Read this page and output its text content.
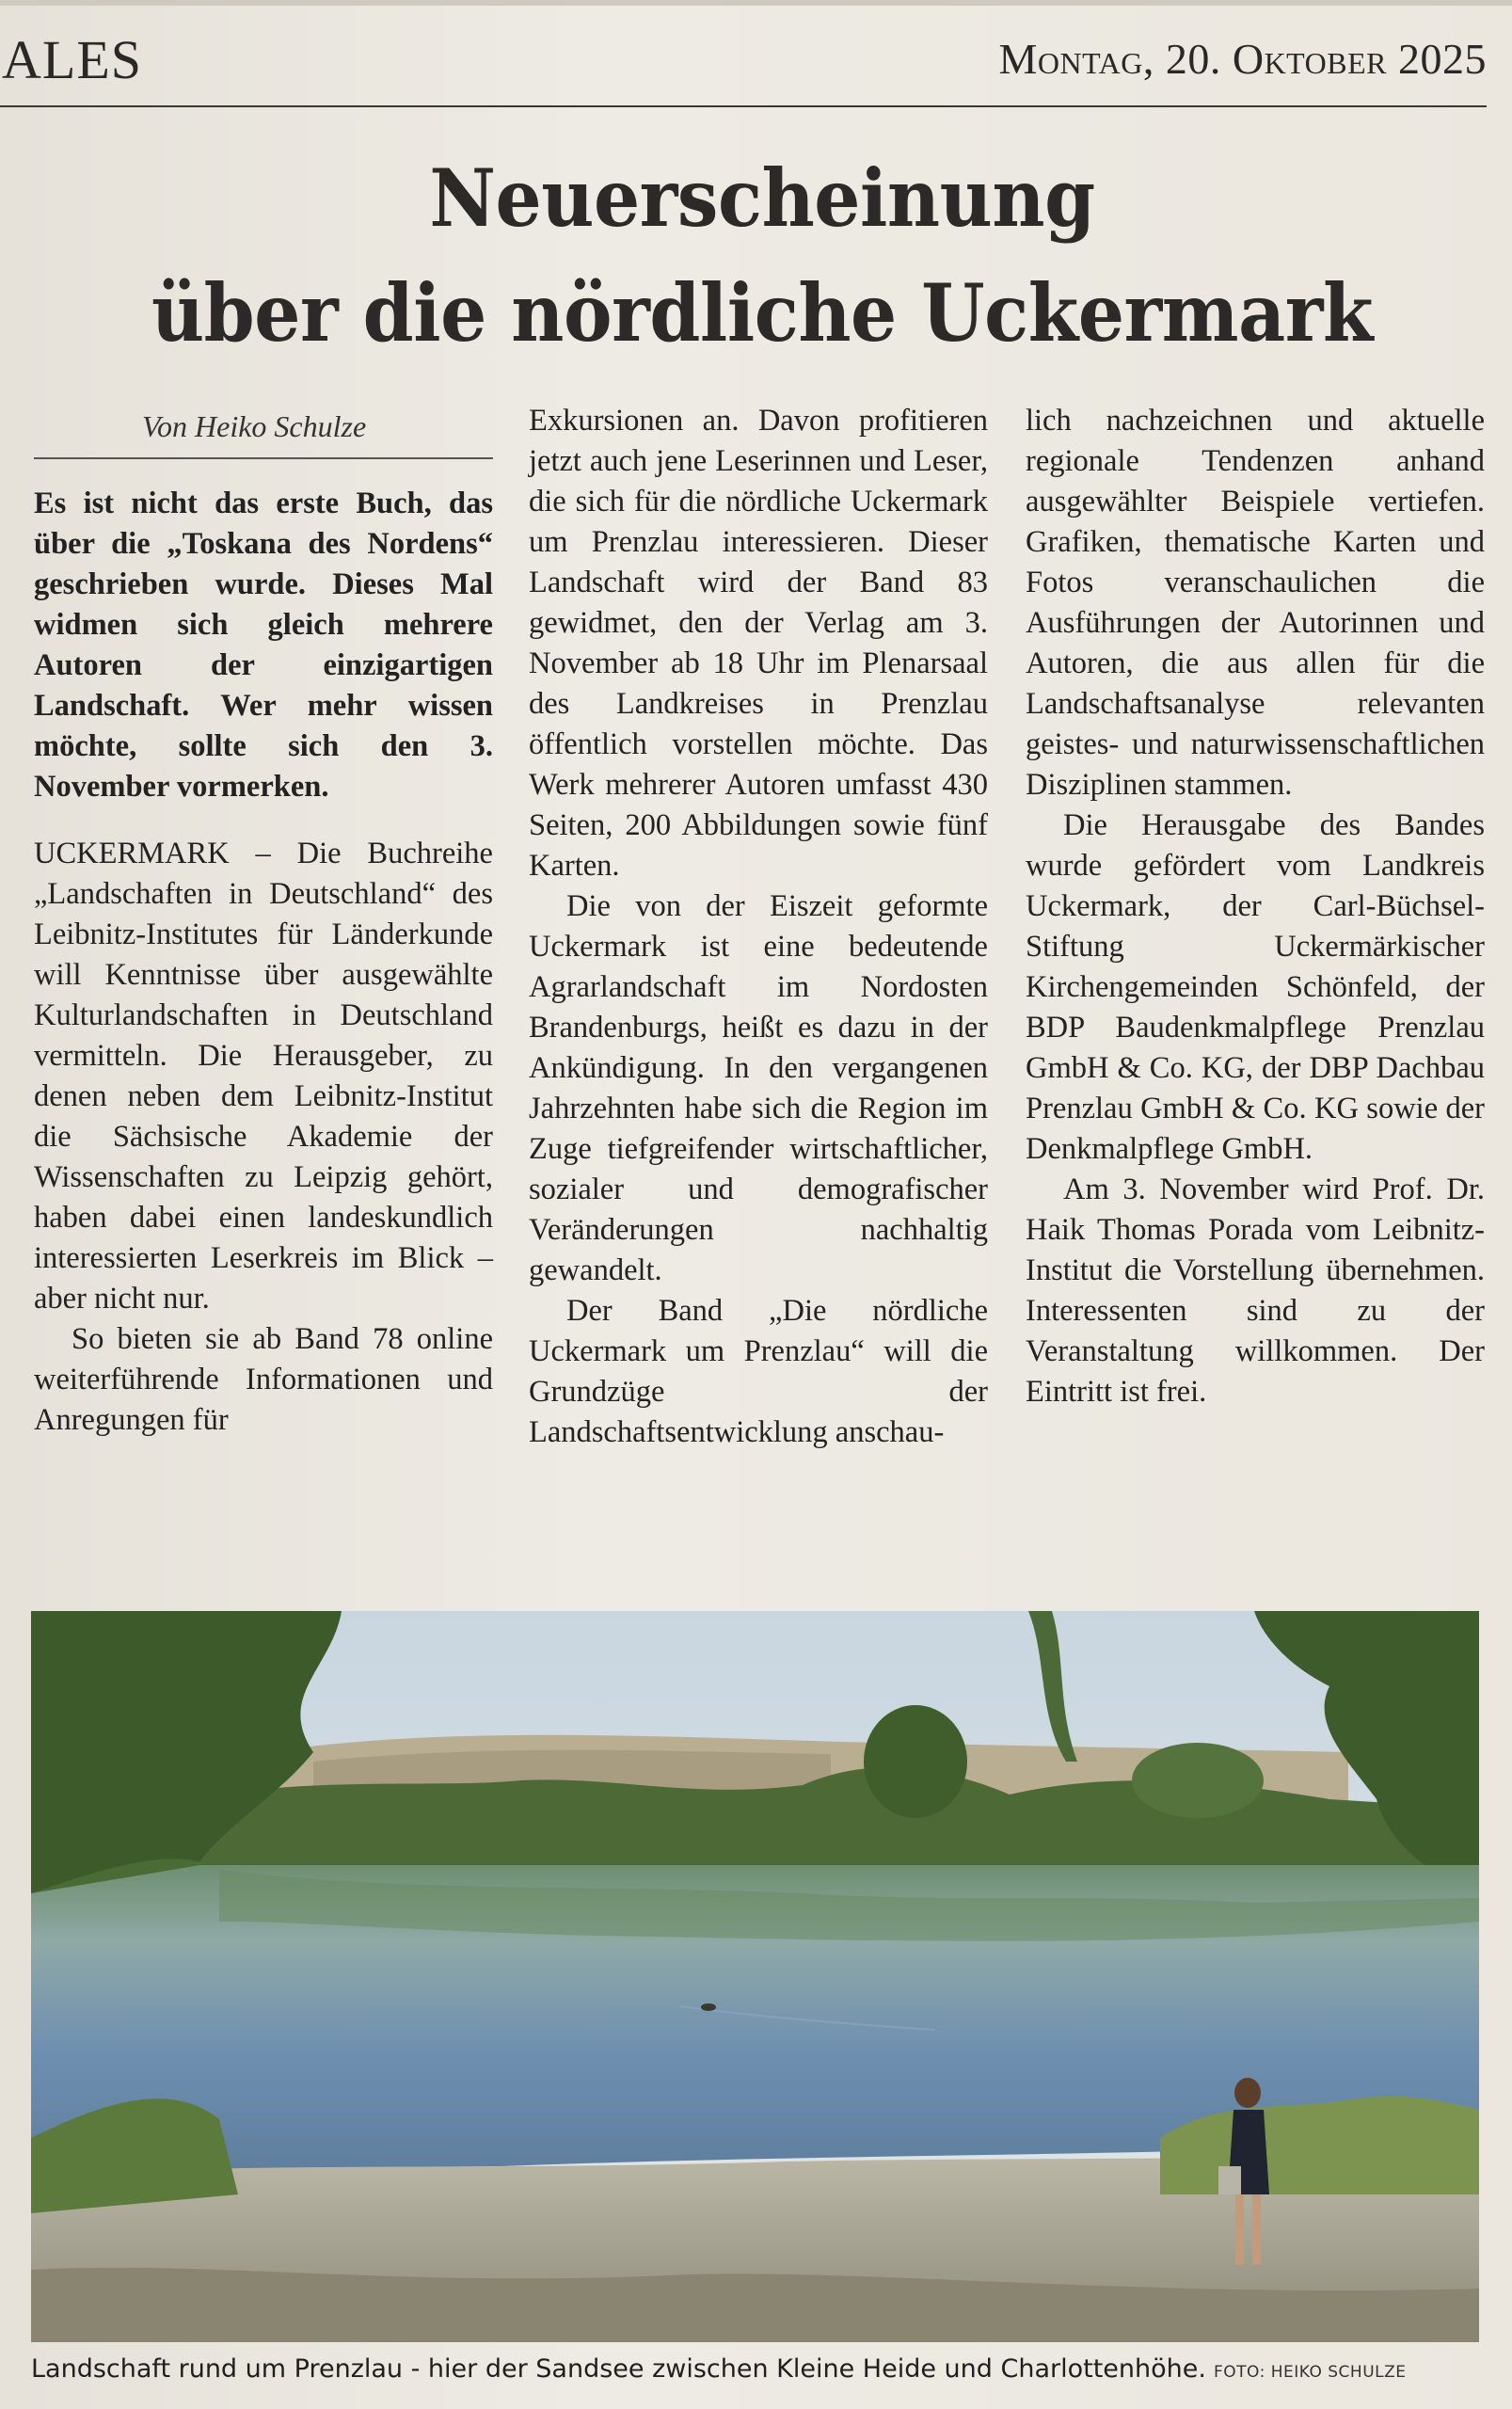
ALES	Montag, 20. Oktober 2025
Neuerscheinung
über die nördliche Uckermark
Von Heiko Schulze

Es ist nicht das erste Buch, das über die „Toskana des Nordens“ geschrieben wurde. Dieses Mal widmen sich gleich mehrere Autoren der einzigartigen Landschaft. Wer mehr wissen möchte, sollte sich den 3. November vormerken.

UCKERMARK – Die Buchreihe „Landschaften in Deutschland“ des Leibnitz-Institutes für Länderkunde will Kenntnisse über ausgewählte Kulturlandschaften in Deutschland vermitteln. Die Herausgeber, zu denen neben dem Leibnitz-Institut die Sächsische Akademie der Wissenschaften zu Leipzig gehört, haben dabei einen landeskundlich interessierten Leserkreis im Blick – aber nicht nur.

So bieten sie ab Band 78 online weiterführende Informationen und Anregungen für

Exkursionen an. Davon profitieren jetzt auch jene Leserinnen und Leser, die sich für die nördliche Uckermark um Prenzlau interessieren. Dieser Landschaft wird der Band 83 gewidmet, den der Verlag am 3. November ab 18 Uhr im Plenarsaal des Landkreises in Prenzlau öffentlich vorstellen möchte. Das Werk mehrerer Autoren umfasst 430 Seiten, 200 Abbildungen sowie fünf Karten.

Die von der Eiszeit geformte Uckermark ist eine bedeutende Agrarlandschaft im Nordosten Brandenburgs, heißt es dazu in der Ankündigung. In den vergangenen Jahrzehnten habe sich die Region im Zuge tiefgreifender wirtschaftlicher, sozialer und demografischer Veränderungen nachhaltig gewandelt.

Der Band „Die nördliche Uckermark um Prenzlau“ will die Grundzüge der Landschaftsentwicklung anschau-

lich nachzeichnen und aktuelle regionale Tendenzen anhand ausgewählter Beispiele vertiefen. Grafiken, thematische Karten und Fotos veranschaulichen die Ausführungen der Autorinnen und Autoren, die aus allen für die Landschaftsanalyse relevanten geistes- und naturwissenschaftlichen Disziplinen stammen.

Die Herausgabe des Bandes wurde gefördert vom Landkreis Uckermark, der Carl-Büchsel-Stiftung Uckermärkischer Kirchengemeinden Schönfeld, der BDP Baudenkmalpflege Prenzlau GmbH & Co. KG, der DBP Dachbau Prenzlau GmbH & Co. KG sowie der Denkmalpflege GmbH.

Am 3. November wird Prof. Dr. Haik Thomas Porada vom Leibnitz-Institut die Vorstellung übernehmen. Interessenten sind zu der Veranstaltung willkommen. Der Eintritt ist frei.

Landschaft rund um Prenzlau - hier der Sandsee zwischen Kleine Heide und Charlottenhöhe. FOTO: HEIKO SCHULZE
